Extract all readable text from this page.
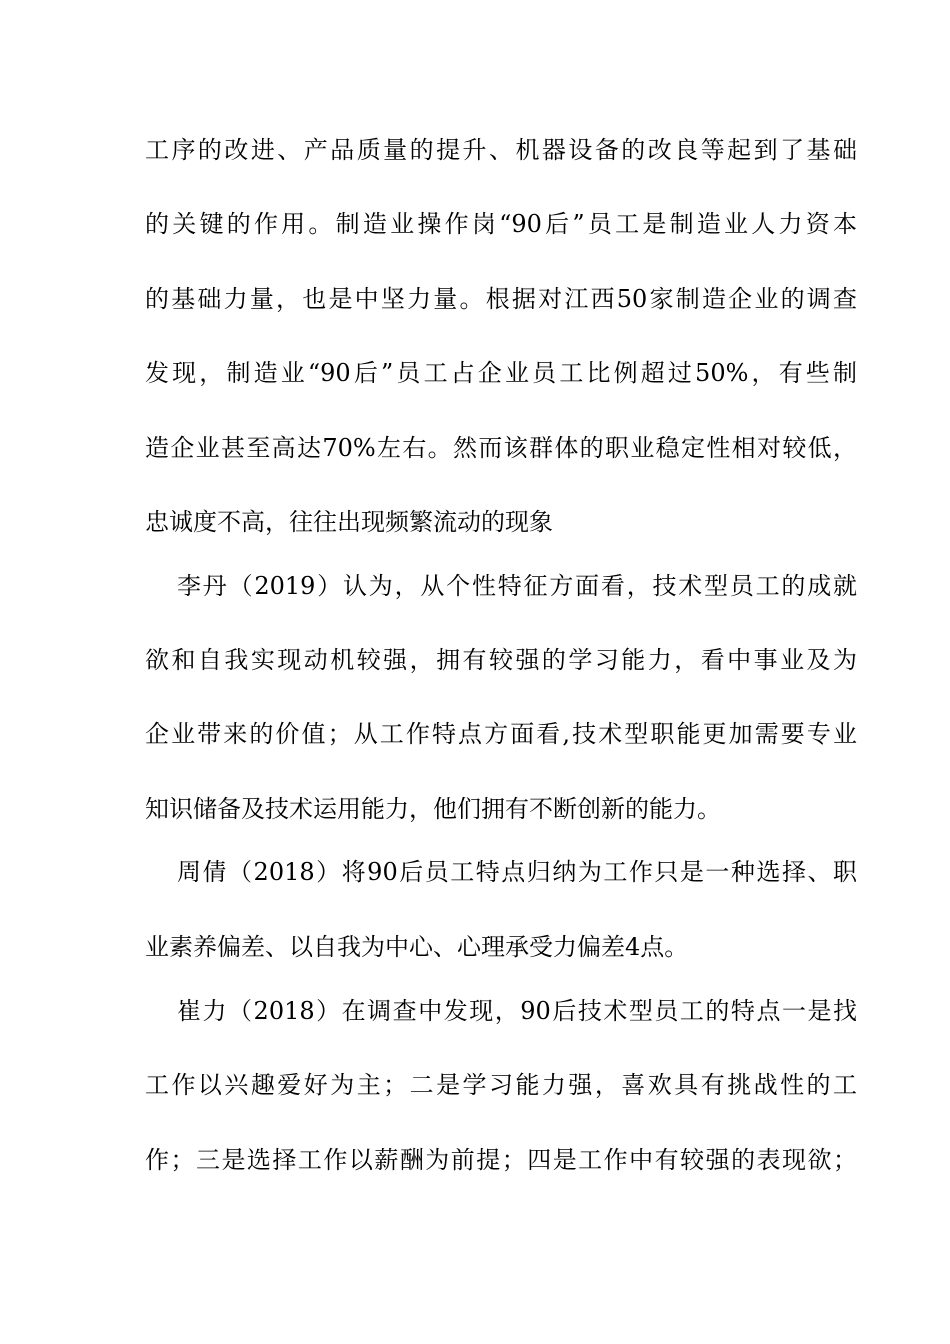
工序的改进、产品质量的提升、机器设备的改良等起到了基础
的关键的作用。制造业操作岗“90后”员工是制造业人力资本
的基础力量，也是中坚力量。根据对江西50家制造企业的调查
发现，制造业“90后”员工占企业员工比例超过50%，有些制
造企业甚至高达70%左右。然而该群体的职业稳定性相对较低，
忠诚度不高，往往出现频繁流动的现象
李丹（2019）认为，从个性特征方面看，技术型员工的成就
欲和自我实现动机较强，拥有较强的学习能力，看中事业及为
企业带来的价值；从工作特点方面看,技术型职能更加需要专业
知识储备及技术运用能力，他们拥有不断创新的能力。
周倩（2018）将90后员工特点归纳为工作只是一种选择、职
业素养偏差、以自我为中心、心理承受力偏差4点。
崔力（2018）在调查中发现，90后技术型员工的特点一是找
工作以兴趣爱好为主；二是学习能力强，喜欢具有挑战性的工
作；三是选择工作以薪酬为前提；四是工作中有较强的表现欲；
